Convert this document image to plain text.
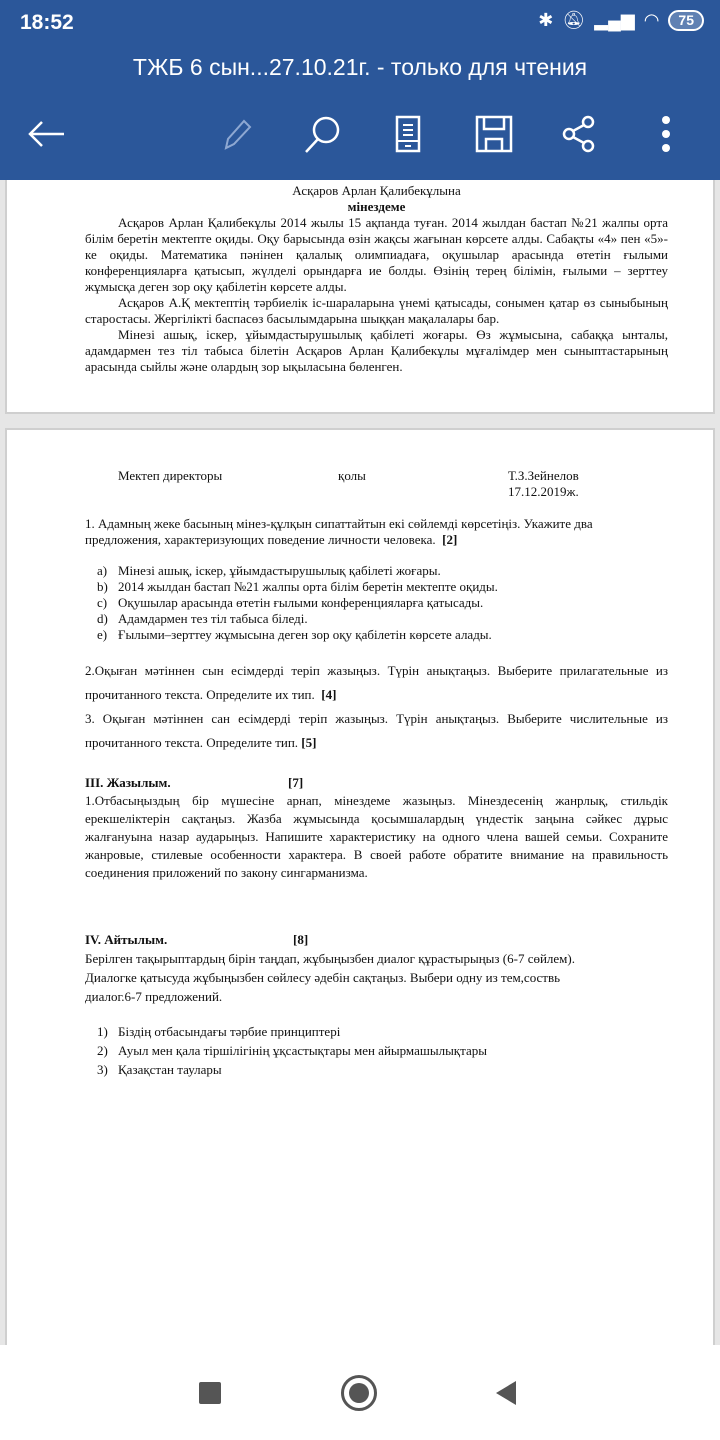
18:52	✱ 🔕︎ ▂▄▆ ◠	75
ТЖБ 6 сын...27.10.21г. - только для чтения
Асқаров Арлан Қалибекұлына
мінездеме

Асқаров Арлан Қалибекұлы 2014 жылы 15 ақпанда туған. 2014 жылдан бастап №21 жалпы орта білім беретін мектепте оқиды. Оқу барысында өзін жақсы жағынан көрсете алды. Сабақты «4» пен «5»-ке оқиды. Математика пәнінен қалалық олимпиадаға, оқушылар арасында өтетін ғылыми конференцияларға қатысып, жүлделі орындарға ие болды. Өзінің терең білімін, ғылыми – зерттеу жұмысқа деген зор оқу қабілетін көрсете алды.

Асқаров А.Қ мектептің тәрбиелік іс-шараларына үнемі қатысады, сонымен қатар өз сыныбының старостасы. Жергілікті баспасөз басылымдарына шыққан мақалалары бар.

Мінезі ашық, іскер, ұйымдастырушылық қабілеті жоғары. Өз жұмысына, сабаққа ынталы, адамдармен тез тіл табыса білетін Асқаров Арлан Қалибекұлы мұғалімдер мен сыныптастарының арасында сыйлы және олардың зор ықыласына бөленген.

Мектеп директоры	қолы	Т.З.Зейнелов
17.12.2019ж.

1. Адамның жеке басының мінез-құлқын сипаттайтын екі сөйлемді көрсетіңіз. Укажите два предложения, характеризующих поведение личности человека. [2]

a) Мінезі ашық, іскер, ұйымдастырушылық қабілеті жоғары.
b) 2014 жылдан бастап №21 жалпы орта білім беретін мектепте оқиды.
c) Оқушылар арасында өтетін ғылыми конференцияларға қатысады.
d) Адамдармен тез тіл табыса біледі.
e) Ғылыми–зерттеу жұмысына деген зор оқу қабілетін көрсете алады.
2.Оқыған мәтіннен сын есімдерді теріп жазыңыз. Түрін анықтаңыз. Выберите прилагательные из прочитанного текста. Определите их тип. [4]
3. Оқыған мәтіннен сан есімдерді теріп жазыңыз. Түрін анықтаңыз. Выберите числительные из прочитанного текста. Определите тип. [5]
III. Жазылым.	[7]

1.Отбасыңыздың бір мүшесіне арнап, мінездеме жазыңыз. Мінездесенің жанрлық, стильдік ерекшеліктерін сақтаңыз. Жазба жұмысында қосымшалардың үндестік заңына сәйкес дұрыс жалғануына назар аударыңыз. Напишите характеристику на одного члена вашей семьи. Сохраните жанровые, стилевые особенности характера. В своей работе обратите внимание на правильность соединения приложений по закону сингарманизма.

IV. Айтылым.	[8]
Берілген тақырыптардың бірін таңдап, жұбыңызбен диалог құрастырыңыз (6-7 сөйлем).
Диалогке қатысуда жұбыңызбен сөйлесу әдебін сақтаңыз. Выбери одну из тем,соствь
диалог.6-7 предложений.
1) Біздің отбасындағы тәрбие принциптері
2) Ауыл мен қала тіршілігінің ұқсастықтары мен айырмашылықтары
3) Қазақстан таулары
